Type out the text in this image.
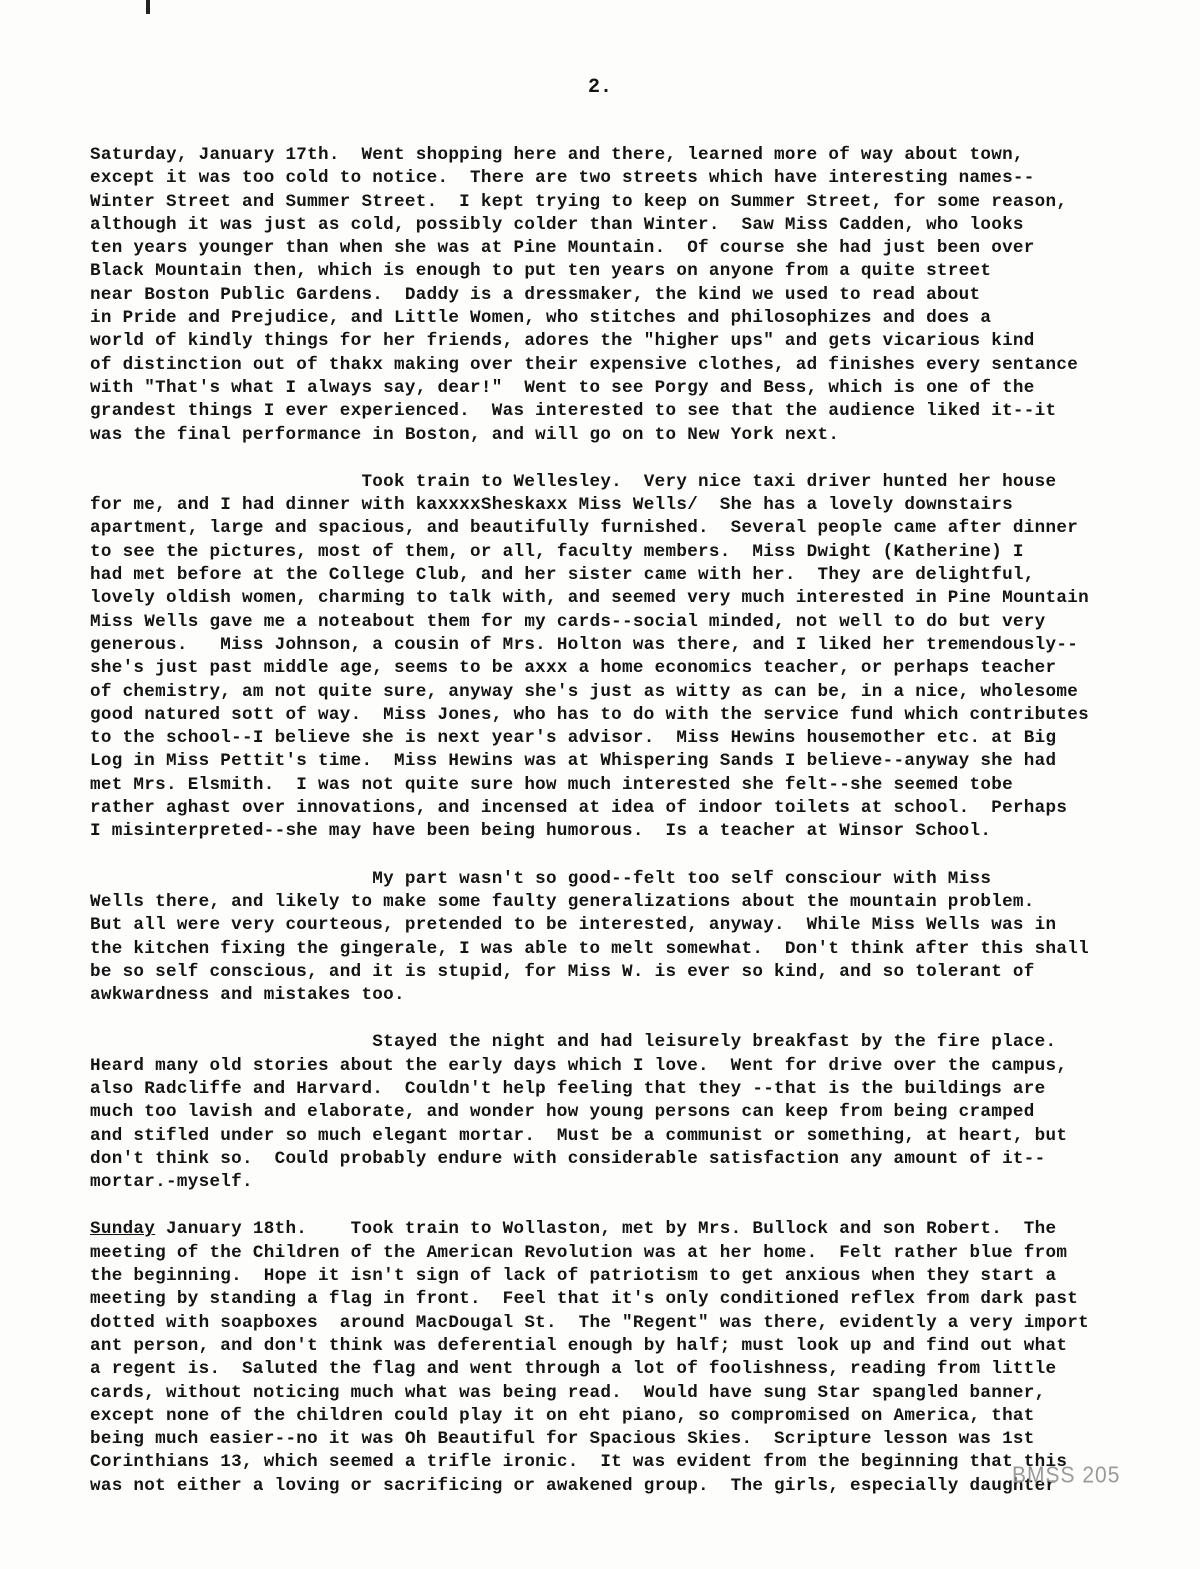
2.
Saturday, January 17th.  Went shopping here and there, learned more of way about town,
except it was too cold to notice.  There are two streets which have interesting names--
Winter Street and Summer Street.  I kept trying to keep on Summer Street, for some reason,
although it was just as cold, possibly colder than Winter.  Saw Miss Cadden, who looks
ten years younger than when she was at Pine Mountain.  Of course she had just been over
Black Mountain then, which is enough to put ten years on anyone from a quite street
near Boston Public Gardens.  Daddy is a dressmaker, the kind we used to read about
in Pride and Prejudice, and Little Women, who stitches and philosophizes and does a
world of kindly things for her friends, adores the "higher ups" and gets vicarious kind
of distinction out of thakx making over their expensive clothes, ad finishes every sentance
with "That's what I always say, dear!"  Went to see Porgy and Bess, which is one of the
grandest things I ever experienced.  Was interested to see that the audience liked it--it
was the final performance in Boston, and will go on to New York next.
Took train to Wellesley.  Very nice taxi driver hunted her house
for me, and I had dinner with kaxxxxSheskaxx Miss Wells/  She has a lovely downstairs
apartment, large and spacious, and beautifully furnished.  Several people came after dinner
to see the pictures, most of them, or all, faculty members.  Miss Dwight (Katherine) I
had met before at the College Club, and her sister came with her.  They are delightful,
lovely oldish women, charming to talk with, and seemed very much interested in Pine Mountain
Miss Wells gave me a noteabout them for my cards--social minded, not well to do but very
generous.   Miss Johnson, a cousin of Mrs. Holton was there, and I liked her tremendously--
she's just past middle age, seems to be axxx a home economics teacher, or perhaps teacher
of chemistry, am not quite sure, anyway she's just as witty as can be, in a nice, wholesome
good natured sott of way.  Miss Jones, who has to do with the service fund which contributes
to the school--I believe she is next year's advisor.  Miss Hewins housemother etc. at Big
Log in Miss Pettit's time.  Miss Hewins was at Whispering Sands I believe--anyway she had
met Mrs. Elsmith.  I was not quite sure how much interested she felt--she seemed tobe
rather aghast over innovations, and incensed at idea of indoor toilets at school.  Perhaps
I misinterpreted--she may have been being humorous.  Is a teacher at Winsor School.
My part wasn't so good--felt too self consciour with Miss
Wells there, and likely to make some faulty generalizations about the mountain problem.
But all were very courteous, pretended to be interested, anyway.  While Miss Wells was in
the kitchen fixing the gingerale, I was able to melt somewhat.  Don't think after this shall
be so self conscious, and it is stupid, for Miss W. is ever so kind, and so tolerant of
awkwardness and mistakes too.
Stayed the night and had leisurely breakfast by the fire place.
Heard many old stories about the early days which I love.  Went for drive over the campus,
also Radcliffe and Harvard.  Couldn't help feeling that they --that is the buildings are
much too lavish and elaborate, and wonder how young persons can keep from being cramped
and stifled under so much elegant mortar.  Must be a communist or something, at heart, but
don't think so.  Could probably endure with considerable satisfaction any amount of it--
mortar.-myself.
Sunday January 18th.    Took train to Wollaston, met by Mrs. Bullock and son Robert.  The
meeting of the Children of the American Revolution was at her home.  Felt rather blue from
the beginning.  Hope it isn't sign of lack of patriotism to get anxious when they start a
meeting by standing a flag in front.  Feel that it's only conditioned reflex from dark past
dotted with soapboxes  around MacDougal St.  The "Regent" was there, evidently a very import
ant person, and don't think was deferential enough by half; must look up and find out what
a regent is.  Saluted the flag and went through a lot of foolishness, reading from little
cards, without noticing much what was being read.  Would have sung Star spangled banner,
except none of the children could play it on eht piano, so compromised on America, that
being much easier--no it was Oh Beautiful for Spacious Skies.  Scripture lesson was 1st
Corinthians 13, which seemed a trifle ironic.  It was evident from the beginning that this
was not either a loving or sacrificing or awakened group.  The girls, especially daughter
BMSS 205
